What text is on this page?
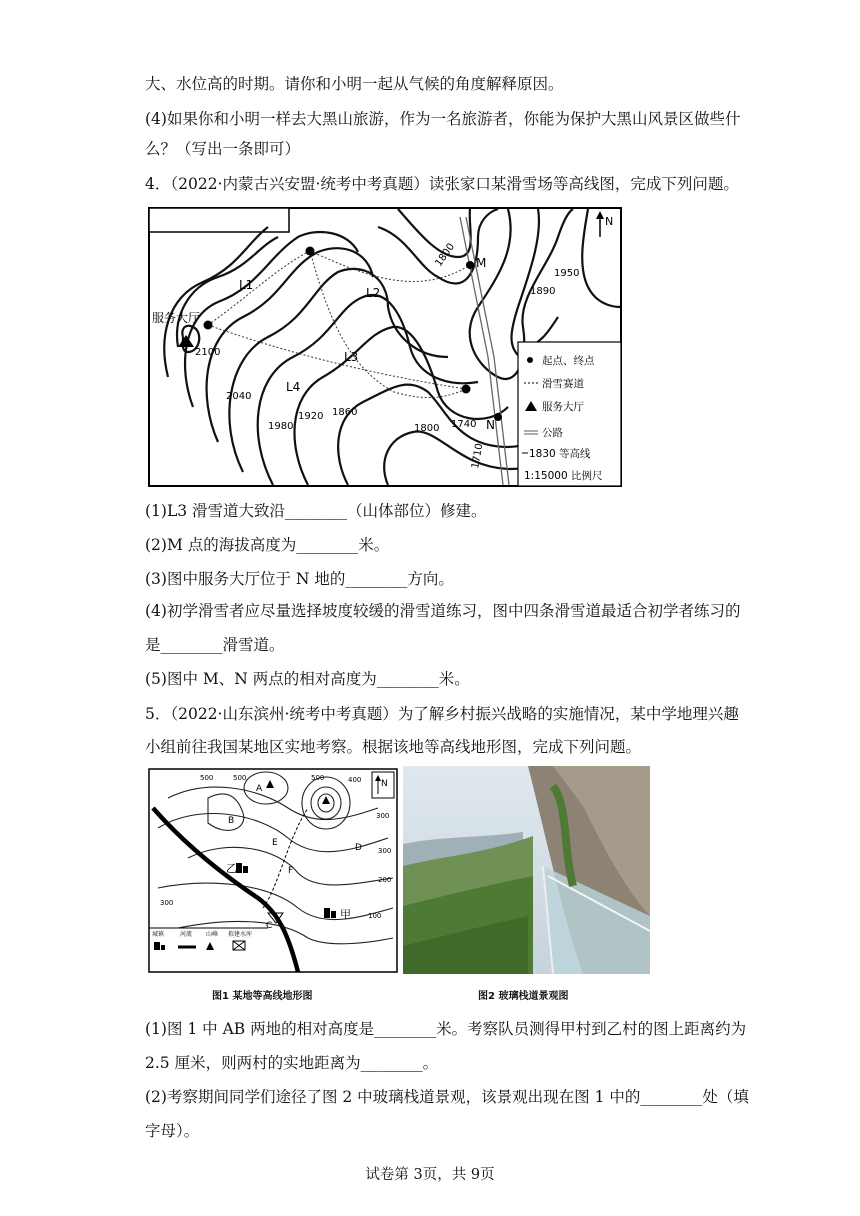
大、水位高的时期。请你和小明一起从气候的角度解释原因。
(4)如果你和小明一样去大黑山旅游，作为一名旅游者，你能为保护大黑山风景区做些什
么？（写出一条即可）
4．（2022·内蒙古兴安盟·统考中考真题）读张家口某滑雪场等高线图，完成下列问题。
服务大厅
L1
L2
L3
L4
M
N
2100
2040
1980
1920 1860
1800 1740
1710
1800
1890
1950
N
起点、终点
滑雪赛道
服务大厅
公路
1830 等高线
1:15000 比例尺
(1)L3 滑雪道大致沿________（山体部位）修建。
(2)M 点的海拔高度为________米。
(3)图中服务大厅位于 N 地的________方向。
(4)初学滑雪者应尽量选择坡度较缓的滑雪道练习，图中四条滑雪道最适合初学者练习的
是________滑雪道。
(5)图中 M、N 两点的相对高度为________米。
5．（2022·山东滨州·统考中考真题）为了解乡村振兴战略的实施情况，某中学地理兴趣
小组前往我国某地区实地考察。根据该地等高线地形图，完成下列问题。
N
A
B
C
D
E
F
乙
甲
500	500	500	400
300
300
200
300
100
城镇	河流 山峰 拟建水库
图1 某地等高线地形图	图2 玻璃栈道景观图
(1)图 1 中 AB 两地的相对高度是________米。考察队员测得甲村到乙村的图上距离约为
2.5 厘米，则两村的实地距离为________。
(2)考察期间同学们途径了图 2 中玻璃栈道景观，该景观出现在图 1 中的________处（填
字母）。
试卷第 3页，共 9页
